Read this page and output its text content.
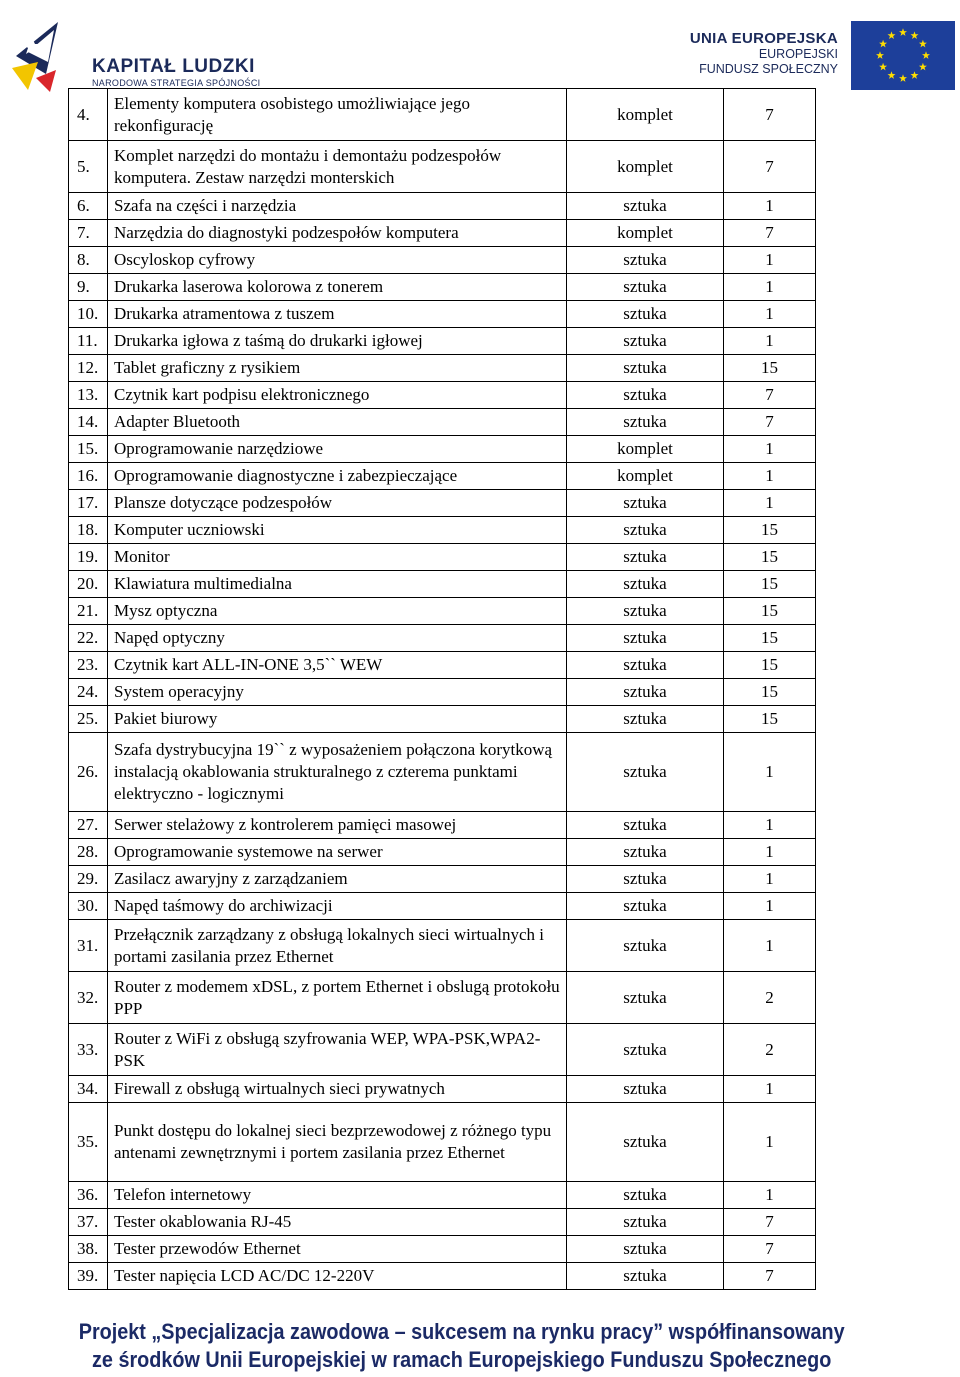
KAPITAŁ LUDZKI
NARODOWA STRATEGIA SPÓJNOŚCI
UNIA EUROPEJSKA
EUROPEJSKI
FUNDUSZ SPOŁECZNY
4.	Elementy komputera osobistego umożliwiające jego rekonfigurację	komplet	7
5.	Komplet narzędzi do montażu i demontażu podzespołów komputera. Zestaw narzędzi monterskich	komplet	7
6.	Szafa na części i narzędzia	sztuka	1
7.	Narzędzia do diagnostyki podzespołów komputera	komplet	7
8.	Oscyloskop cyfrowy	sztuka	1
9.	Drukarka laserowa kolorowa z tonerem	sztuka	1
10.	Drukarka atramentowa z tuszem	sztuka	1
11.	Drukarka igłowa z taśmą do drukarki igłowej	sztuka	1
12.	Tablet graficzny z rysikiem	sztuka	15
13.	Czytnik kart podpisu elektronicznego	sztuka	7
14.	Adapter Bluetooth	sztuka	7
15.	Oprogramowanie narzędziowe	komplet	1
16.	Oprogramowanie diagnostyczne i zabezpieczające	komplet	1
17.	Plansze dotyczące podzespołów	sztuka	1
18.	Komputer uczniowski	sztuka	15
19.	Monitor	sztuka	15
20.	Klawiatura multimedialna	sztuka	15
21.	Mysz optyczna	sztuka	15
22.	Napęd optyczny	sztuka	15
23.	Czytnik kart ALL-IN-ONE 3,5`` WEW	sztuka	15
24.	System operacyjny	sztuka	15
25.	Pakiet biurowy	sztuka	15
26.	Szafa dystrybucyjna 19`` z wyposażeniem połączona korytkową instalacją okablowania strukturalnego z czterema punktami elektryczno - logicznymi	sztuka	1
27.	Serwer stelażowy z kontrolerem pamięci masowej	sztuka	1
28.	Oprogramowanie systemowe na serwer	sztuka	1
29.	Zasilacz awaryjny z zarządzaniem	sztuka	1
30.	Napęd taśmowy do archiwizacji	sztuka	1
31.	Przełącznik zarządzany z obsługą lokalnych sieci wirtualnych i portami zasilania przez Ethernet	sztuka	1
32.	Router z modemem xDSL, z portem Ethernet i obslugą protokołu PPP	sztuka	2
33.	Router z WiFi z obsługą szyfrowania WEP, WPA-PSK,WPA2-PSK	sztuka	2
34.	Firewall z obsługą wirtualnych sieci prywatnych	sztuka	1
35.	Punkt dostępu do lokalnej sieci bezprzewodowej z różnego typu antenami zewnętrznymi i portem zasilania przez Ethernet	sztuka	1
36.	Telefon internetowy	sztuka	1
37.	Tester okablowania RJ-45	sztuka	7
38.	Tester przewodów Ethernet	sztuka	7
39.	Tester napięcia LCD AC/DC 12-220V	sztuka	7
Projekt „Specjalizacja zawodowa – sukcesem na rynku pracy” współfinansowany
ze środków Unii Europejskiej w ramach Europejskiego Funduszu Społecznego
